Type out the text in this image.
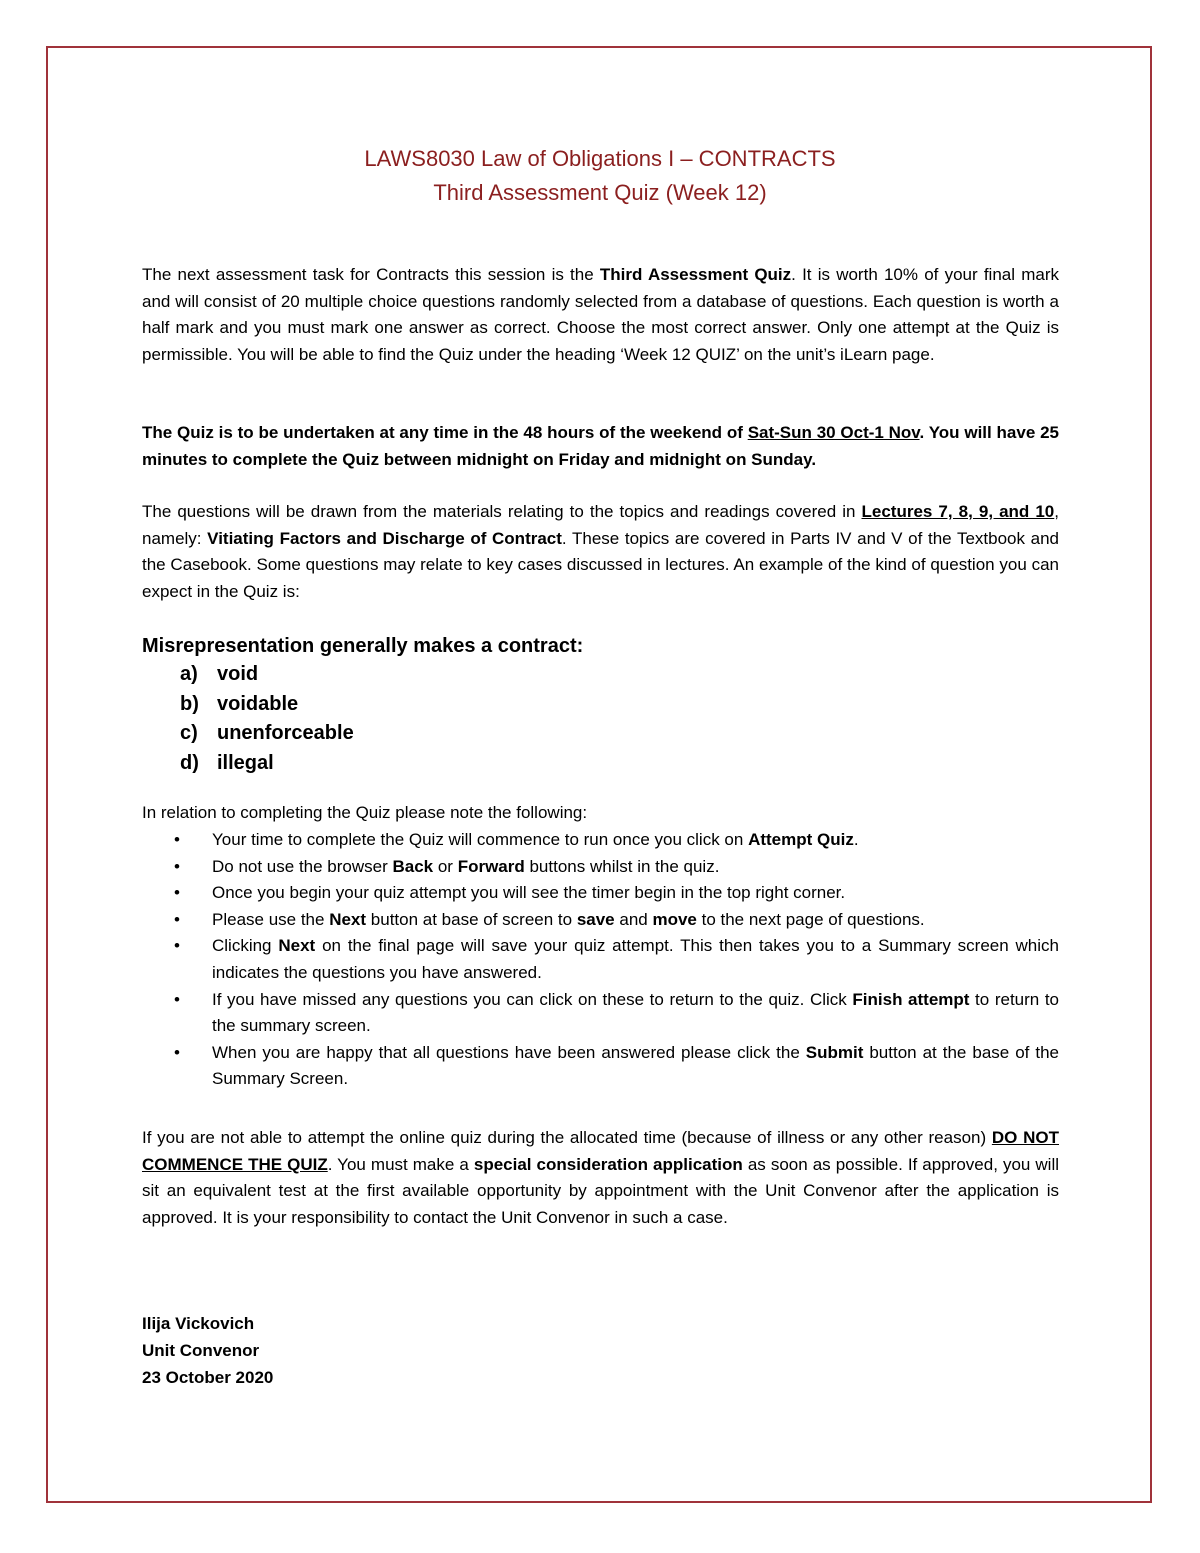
LAWS8030 Law of Obligations I – CONTRACTS
Third Assessment Quiz (Week 12)

The next assessment task for Contracts this session is the Third Assessment Quiz. It is worth 10% of your final mark and will consist of 20 multiple choice questions randomly selected from a database of questions. Each question is worth a half mark and you must mark one answer as correct. Choose the most correct answer. Only one attempt at the Quiz is permissible. You will be able to find the Quiz under the heading ‘Week 12 QUIZ’ on the unit’s iLearn page.

The Quiz is to be undertaken at any time in the 48 hours of the weekend of Sat-Sun 30 Oct-1 Nov. You will have 25 minutes to complete the Quiz between midnight on Friday and midnight on Sunday.

The questions will be drawn from the materials relating to the topics and readings covered in Lectures 7, 8, 9, and 10, namely: Vitiating Factors and Discharge of Contract. These topics are covered in Parts IV and V of the Textbook and the Casebook. Some questions may relate to key cases discussed in lectures. An example of the kind of question you can expect in the Quiz is:

Misrepresentation generally makes a contract:
a) void
b) voidable
c) unenforceable
d) illegal
In relation to completing the Quiz please note the following:
• Your time to complete the Quiz will commence to run once you click on Attempt Quiz.
• Do not use the browser Back or Forward buttons whilst in the quiz.
• Once you begin your quiz attempt you will see the timer begin in the top right corner.
• Please use the Next button at base of screen to save and move to the next page of questions.
• Clicking Next on the final page will save your quiz attempt. This then takes you to a Summary screen which indicates the questions you have answered.
• If you have missed any questions you can click on these to return to the quiz. Click Finish attempt to return to the summary screen.
• When you are happy that all questions have been answered please click the Submit button at the base of the Summary Screen.

If you are not able to attempt the online quiz during the allocated time (because of illness or any other reason) DO NOT COMMENCE THE QUIZ. You must make a special consideration application as soon as possible. If approved, you will sit an equivalent test at the first available opportunity by appointment with the Unit Convenor after the application is approved. It is your responsibility to contact the Unit Convenor in such a case.

Ilija Vickovich
Unit Convenor
23 October 2020
